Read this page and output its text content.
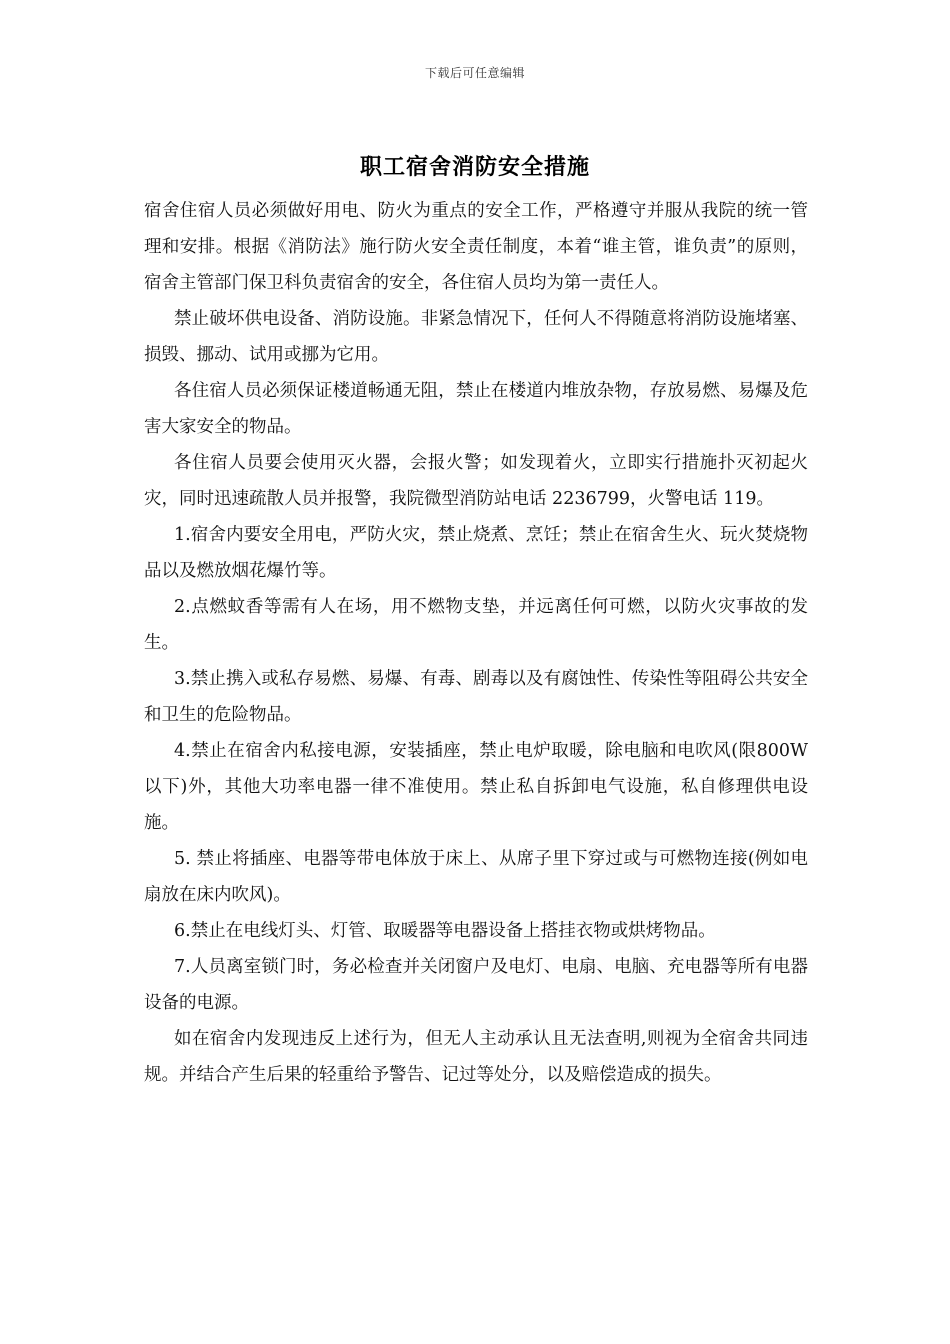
下载后可任意编辑
职工宿舍消防安全措施

宿舍住宿人员必须做好用电、防火为重点的安全工作，严格遵守并服从我院的统一管理和安排。根据《消防法》施行防火安全责任制度，本着“谁主管，谁负责”的原则，宿舍主管部门保卫科负责宿舍的安全，各住宿人员均为第一责任人。

禁止破坏供电设备、消防设施。非紧急情况下，任何人不得随意将消防设施堵塞、损毁、挪动、试用或挪为它用。

各住宿人员必须保证楼道畅通无阻，禁止在楼道内堆放杂物，存放易燃、易爆及危害大家安全的物品。

各住宿人员要会使用灭火器，会报火警；如发现着火，立即实行措施扑灭初起火灾，同时迅速疏散人员并报警，我院微型消防站电话 2236799，火警电话 119。

1.宿舍内要安全用电，严防火灾，禁止烧煮、烹饪；禁止在宿舍生火、玩火焚烧物品以及燃放烟花爆竹等。

2.点燃蚊香等需有人在场，用不燃物支垫，并远离任何可燃，以防火灾事故的发生。

3.禁止携入或私存易燃、易爆、有毒、剧毒以及有腐蚀性、传染性等阻碍公共安全和卫生的危险物品。

4.禁止在宿舍内私接电源，安装插座，禁止电炉取暖，除电脑和电吹风(限800W 以下)外，其他大功率电器一律不准使用。禁止私自拆卸电气设施，私自修理供电设施。

5. 禁止将插座、电器等带电体放于床上、从席子里下穿过或与可燃物连接(例如电扇放在床内吹风)。

6.禁止在电线灯头、灯管、取暖器等电器设备上搭挂衣物或烘烤物品。

7.人员离室锁门时，务必检查并关闭窗户及电灯、电扇、电脑、充电器等所有电器设备的电源。

如在宿舍内发现违反上述行为，但无人主动承认且无法查明,则视为全宿舍共同违规。并结合产生后果的轻重给予警告、记过等处分，以及赔偿造成的损失。
